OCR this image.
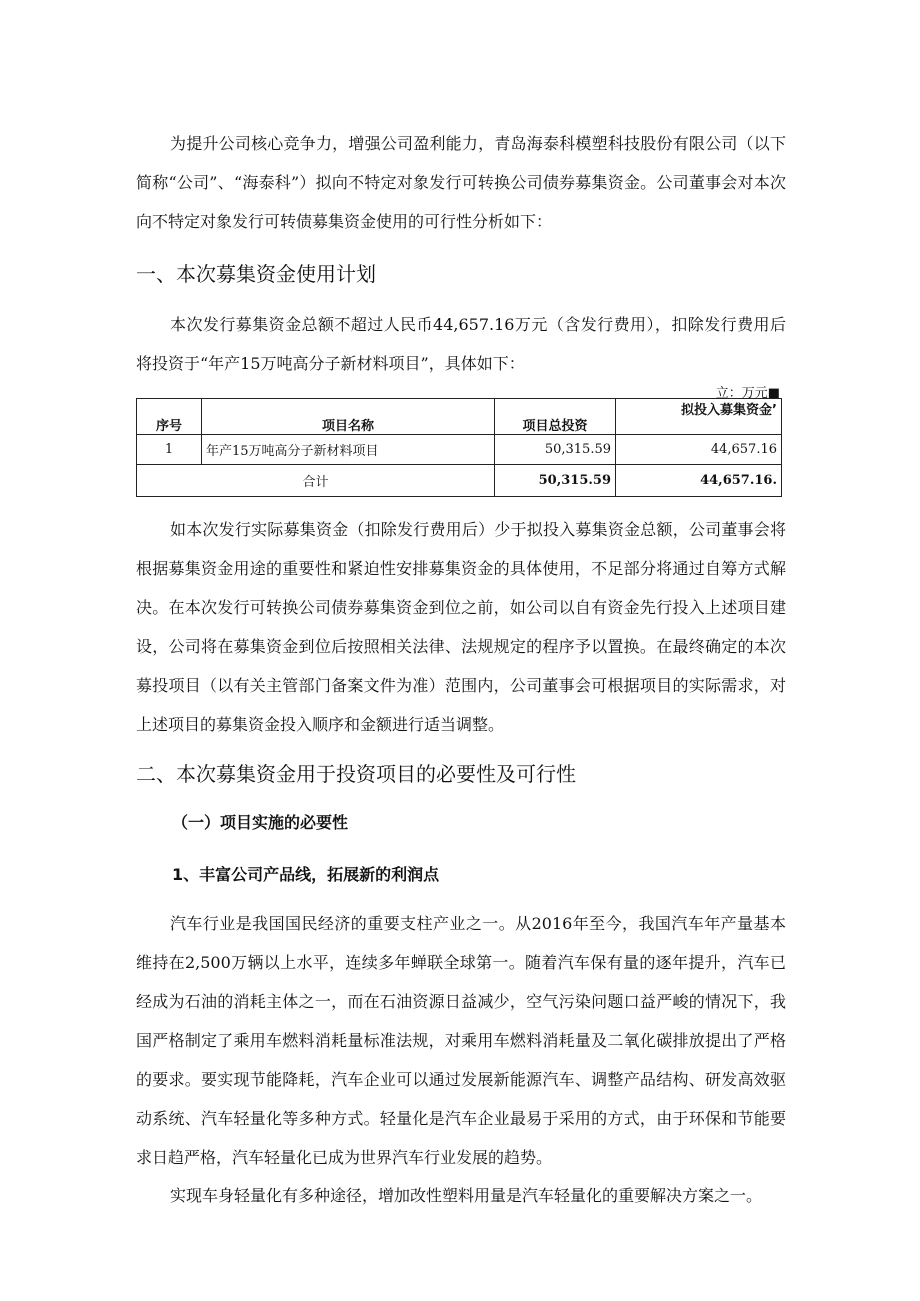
为提升公司核心竞争力，增强公司盈利能力，青岛海泰科模塑科技股份有限公司（以下简称“公司”、“海泰科”）拟向不特定对象发行可转换公司债券募集资金。公司董事会对本次向不特定对象发行可转债募集资金使用的可行性分析如下：

一、本次募集资金使用计划

本次发行募集资金总额不超过人民币44,657.16万元（含发行费用），扣除发行费用后将投资于“年产15万吨高分子新材料项目”，具体如下：

立：万元■
序号	项目名称	项目总投资	拟投入募集资金’
1	年产15万吨高分子新材料项目	50,315.59	44,657.16
合计		50,315.59	44,657.16.

如本次发行实际募集资金（扣除发行费用后）少于拟投入募集资金总额，公司董事会将根据募集资金用途的重要性和紧迫性安排募集资金的具体使用，不足部分将通过自筹方式解决。在本次发行可转换公司债券募集资金到位之前，如公司以自有资金先行投入上述项目建设，公司将在募集资金到位后按照相关法律、法规规定的程序予以置换。在最终确定的本次募投项目（以有关主管部门备案文件为准）范围内，公司董事会可根据项目的实际需求，对上述项目的募集资金投入顺序和金额进行适当调整。

二、本次募集资金用于投资项目的必要性及可行性
（一）项目实施的必要性
1、丰富公司产品线，拓展新的利润点

汽车行业是我国国民经济的重要支柱产业之一。从2016年至今，我国汽车年产量基本维持在2,500万辆以上水平，连续多年蝉联全球第一。随着汽车保有量的逐年提升，汽车已经成为石油的消耗主体之一，而在石油资源日益减少，空气污染问题口益严峻的情况下，我国严格制定了乘用车燃料消耗量标准法规，对乘用车燃料消耗量及二氧化碳排放提出了严格的要求。要实现节能降耗，汽车企业可以通过发展新能源汽车、调整产品结构、研发高效驱动系统、汽车轻量化等多种方式。轻量化是汽车企业最易于采用的方式，由于环保和节能要求日趋严格，汽车轻量化已成为世界汽车行业发展的趋势。

实现车身轻量化有多种途径，增加改性塑料用量是汽车轻量化的重要解决方案之一。
